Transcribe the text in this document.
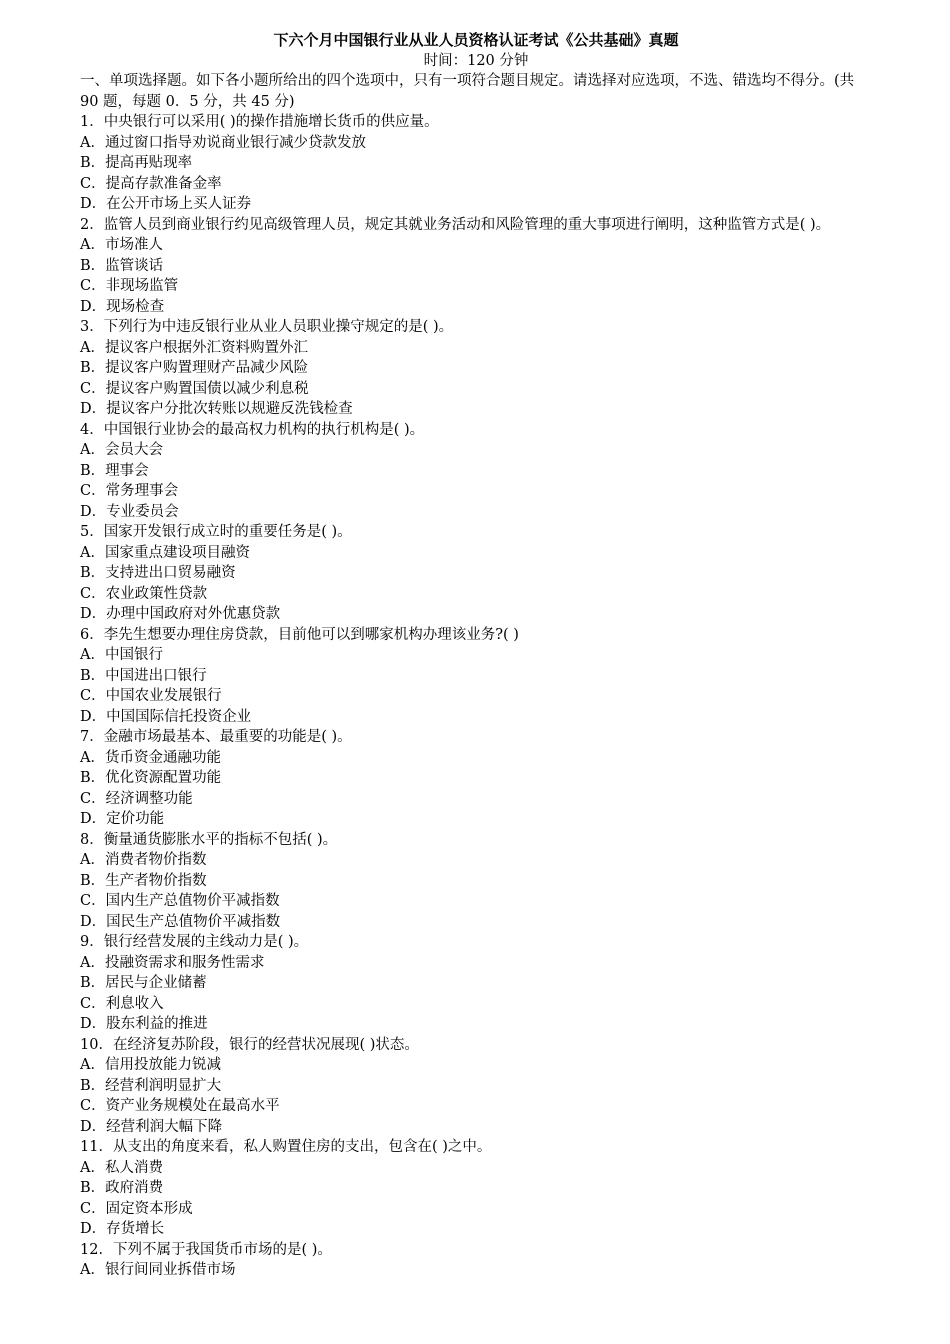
下六个月中国银行业从业人员资格认证考试《公共基础》真题
时间：120 分钟
一、单项选择题。如下各小题所给出的四个选项中，只有一项符合题目规定。请选择对应选项，不选、错选均不得分。(共 90 题，每题 0．5 分，共 45 分)
1．中央银行可以采用( )的操作措施增长货币的供应量。
A．通过窗口指导劝说商业银行减少贷款发放
B．提高再贴现率
C．提高存款准备金率
D．在公开市场上买人证券
2．监管人员到商业银行约见高级管理人员，规定其就业务活动和风险管理的重大事项进行阐明，这种监管方式是( )。
A．市场准人
B．监管谈话
C．非现场监管
D．现场检查
3．下列行为中违反银行业从业人员职业操守规定的是( )。
A．提议客户根据外汇资料购置外汇
B．提议客户购置理财产品减少风险
C．提议客户购置国债以减少利息税
D．提议客户分批次转账以规避反洗钱检查
4．中国银行业协会的最高权力机构的执行机构是( )。
A．会员大会
B．理事会
C．常务理事会
D．专业委员会
5．国家开发银行成立时的重要任务是( )。
A．国家重点建设项目融资
B．支持进出口贸易融资
C．农业政策性贷款
D．办理中国政府对外优惠贷款
6．李先生想要办理住房贷款，目前他可以到哪家机构办理该业务?( )
A．中国银行
B．中国进出口银行
C．中国农业发展银行
D．中国国际信托投资企业
7．金融市场最基本、最重要的功能是( )。
A．货币资金通融功能
B．优化资源配置功能
C．经济调整功能
D．定价功能
8．衡量通货膨胀水平的指标不包括( )。
A．消费者物价指数
B．生产者物价指数
C．国内生产总值物价平减指数
D．国民生产总值物价平减指数
9．银行经营发展的主线动力是( )。
A．投融资需求和服务性需求
B．居民与企业储蓄
C．利息收入
D．股东利益的推进
10．在经济复苏阶段，银行的经营状况展现( )状态。
A．信用投放能力锐减
B．经营利润明显扩大
C．资产业务规模处在最高水平
D．经营利润大幅下降
11．从支出的角度来看，私人购置住房的支出，包含在( )之中。
A．私人消费
B．政府消费
C．固定资本形成
D．存货增长
12．下列不属于我国货币市场的是( )。
A．银行间同业拆借市场
